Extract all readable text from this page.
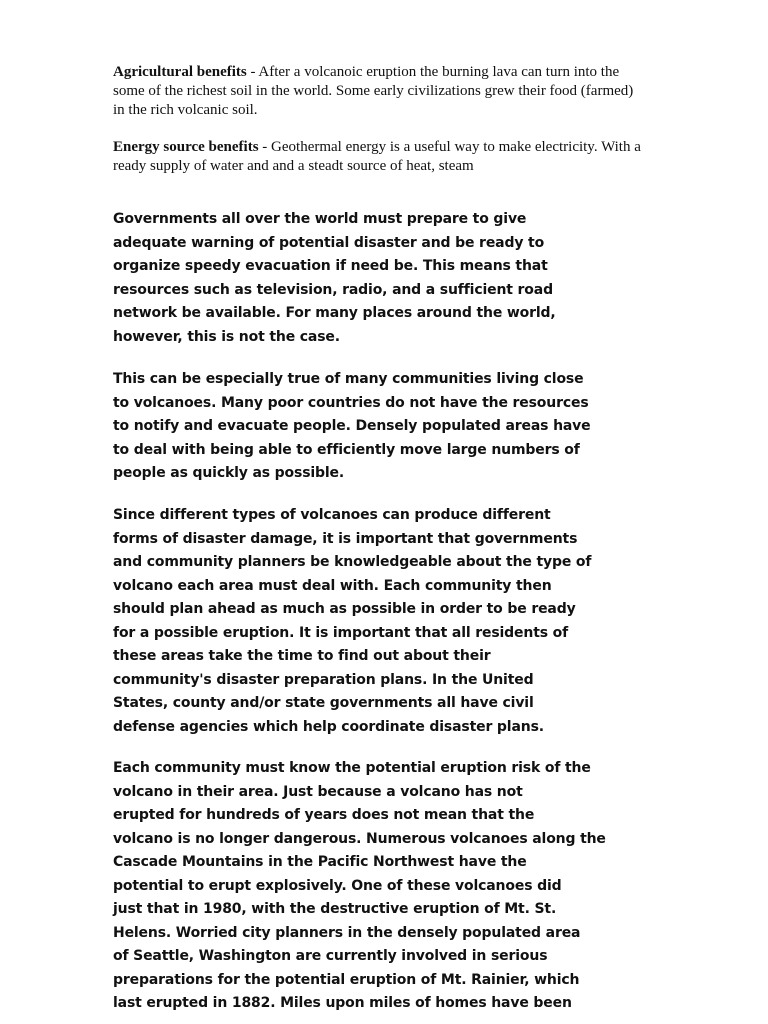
Agricultural benefits - After a volcanoic eruption the burning lava can turn into the some of the richest soil in the world. Some early civilizations grew their food (farmed) in the rich volcanic soil.

Energy source benefits - Geothermal energy is a useful way to make electricity. With a ready supply of water and and a steadt source of heat, steam

Governments all over the world must prepare to give
adequate warning of potential disaster and be ready to
organize speedy evacuation if need be. This means that
resources such as television, radio, and a sufficient road
network be available. For many places around the world,
however, this is not the case.
This can be especially true of many communities living close
to volcanoes. Many poor countries do not have the resources
to notify and evacuate people. Densely populated areas have
to deal with being able to efficiently move large numbers of
people as quickly as possible.
Since different types of volcanoes can produce different
forms of disaster damage, it is important that governments
and community planners be knowledgeable about the type of
volcano each area must deal with. Each community then
should plan ahead as much as possible in order to be ready
for a possible eruption. It is important that all residents of
these areas take the time to find out about their
community's disaster preparation plans. In the United
States, county and/or state governments all have civil
defense agencies which help coordinate disaster plans.
Each community must know the potential eruption risk of the
volcano in their area. Just because a volcano has not
erupted for hundreds of years does not mean that the
volcano is no longer dangerous. Numerous volcanoes along the
Cascade Mountains in the Pacific Northwest have the
potential to erupt explosively. One of these volcanoes did
just that in 1980, with the destructive eruption of Mt. St.
Helens. Worried city planners in the densely populated area
of Seattle, Washington are currently involved in serious
preparations for the potential eruption of Mt. Rainier, which
last erupted in 1882. Miles upon miles of homes have been
